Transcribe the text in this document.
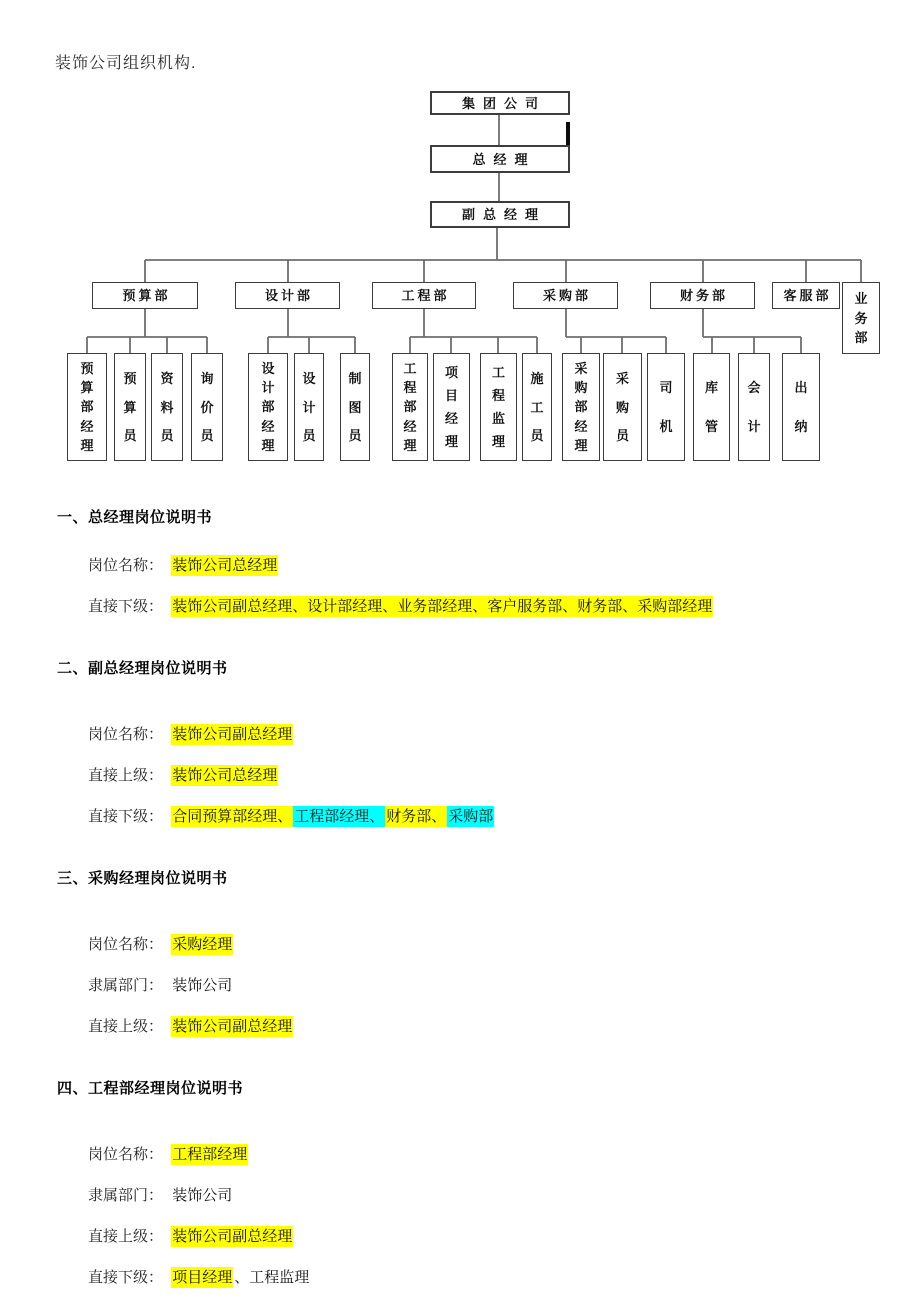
装饰公司组织机构.
集团公司
总经理
副总经理
预算部	设计部	工程部	采购部	财务部	客服部	业
务
部
预
算
部
经
理
预
算
员
资
料
员
询
价
员
设
计
部
经
理
设
计
员
制
图
员
工
程
部
经
理
项
目
经
理
工
程
监
理
施
工
员
采
购
部
经
理
采
购
员
司
机
库
管
会
计
出
纳
一、总经理岗位说明书
岗位名称： 装饰公司总经理
直接下级： 装饰公司副总经理、设计部经理、业务部经理、客户服务部、财务部、采购部经理
二、副总经理岗位说明书
岗位名称： 装饰公司副总经理
直接上级： 装饰公司总经理
直接下级： 合同预算部经理、 工程部经理、 财务部、 采购部
三、采购经理岗位说明书
岗位名称： 采购经理
隶属部门： 装饰公司
直接上级： 装饰公司副总经理
四、工程部经理岗位说明书
岗位名称： 工程部经理
隶属部门： 装饰公司
直接上级： 装饰公司副总经理
直接下级： 项目经理 、工程监理
